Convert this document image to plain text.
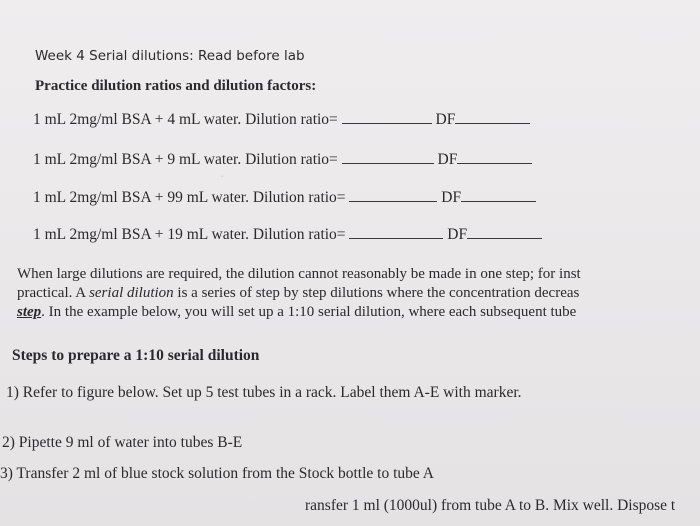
·
Week 4 Serial dilutions: Read before lab
Practice dilution ratios and dilution factors:
1 mL 2mg/ml BSA + 4 mL water. Dilution ratio=	DF
1 mL 2mg/ml BSA + 9 mL water. Dilution ratio=	DF
1 mL 2mg/ml BSA + 99 mL water. Dilution ratio=	DF
1 mL 2mg/ml BSA + 19 mL water. Dilution ratio=	DF
When large dilutions are required, the dilution cannot reasonably be made in one step; for inst
practical. A serial dilution is a series of step by step dilutions where the concentration decreas
step. In the example below, you will set up a 1:10 serial dilution, where each subsequent tube
Steps to prepare a 1:10 serial dilution
1) Refer to figure below. Set up 5 test tubes in a rack. Label them A-E with marker.
2) Pipette 9 ml of water into tubes B-E
3) Transfer 2 ml of blue stock solution from the Stock bottle to tube A
ransfer 1 ml (1000ul) from tube A to B. Mix well. Dispose t
